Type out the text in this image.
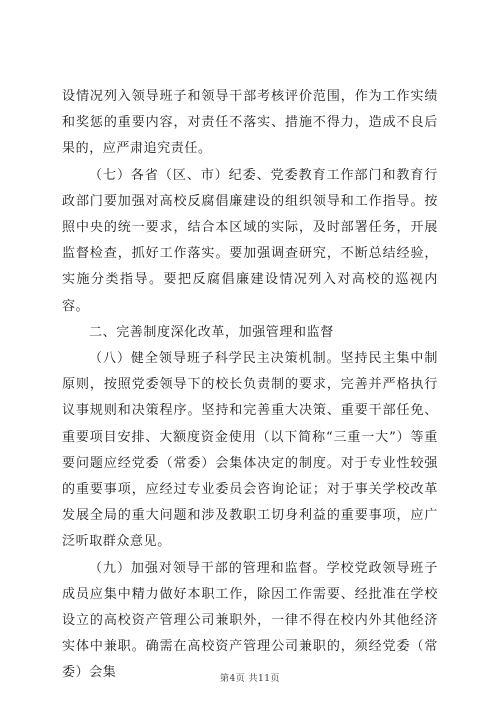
设情况列入领导班子和领导干部考核评价范围，作为工作实绩和奖惩的重要内容，对责任不落实、措施不得力，造成不良后果的，应严肃追究责任。

（七）各省（区、市）纪委、党委教育工作部门和教育行政部门要加强对高校反腐倡廉建设的组织领导和工作指导。按照中央的统一要求，结合本区域的实际，及时部署任务，开展监督检查，抓好工作落实。要加强调查研究，不断总结经验，实施分类指导。要把反腐倡廉建设情况列入对高校的巡视内容。

二、完善制度深化改革，加强管理和监督

（八）健全领导班子科学民主决策机制。坚持民主集中制原则，按照党委领导下的校长负责制的要求，完善并严格执行议事规则和决策程序。坚持和完善重大决策、重要干部任免、重要项目安排、大额度资金使用（以下简称“三重一大”）等重要问题应经党委（常委）会集体决定的制度。对于专业性较强的重要事项，应经过专业委员会咨询论证；对于事关学校改革发展全局的重大问题和涉及教职工切身利益的重要事项，应广泛听取群众意见。

（九）加强对领导干部的管理和监督。学校党政领导班子成员应集中精力做好本职工作，除因工作需要、经批准在学校设立的高校资产管理公司兼职外，一律不得在校内外其他经济实体中兼职。确需在高校资产管理公司兼职的，须经党委（常委）会集	第4页 共11页
